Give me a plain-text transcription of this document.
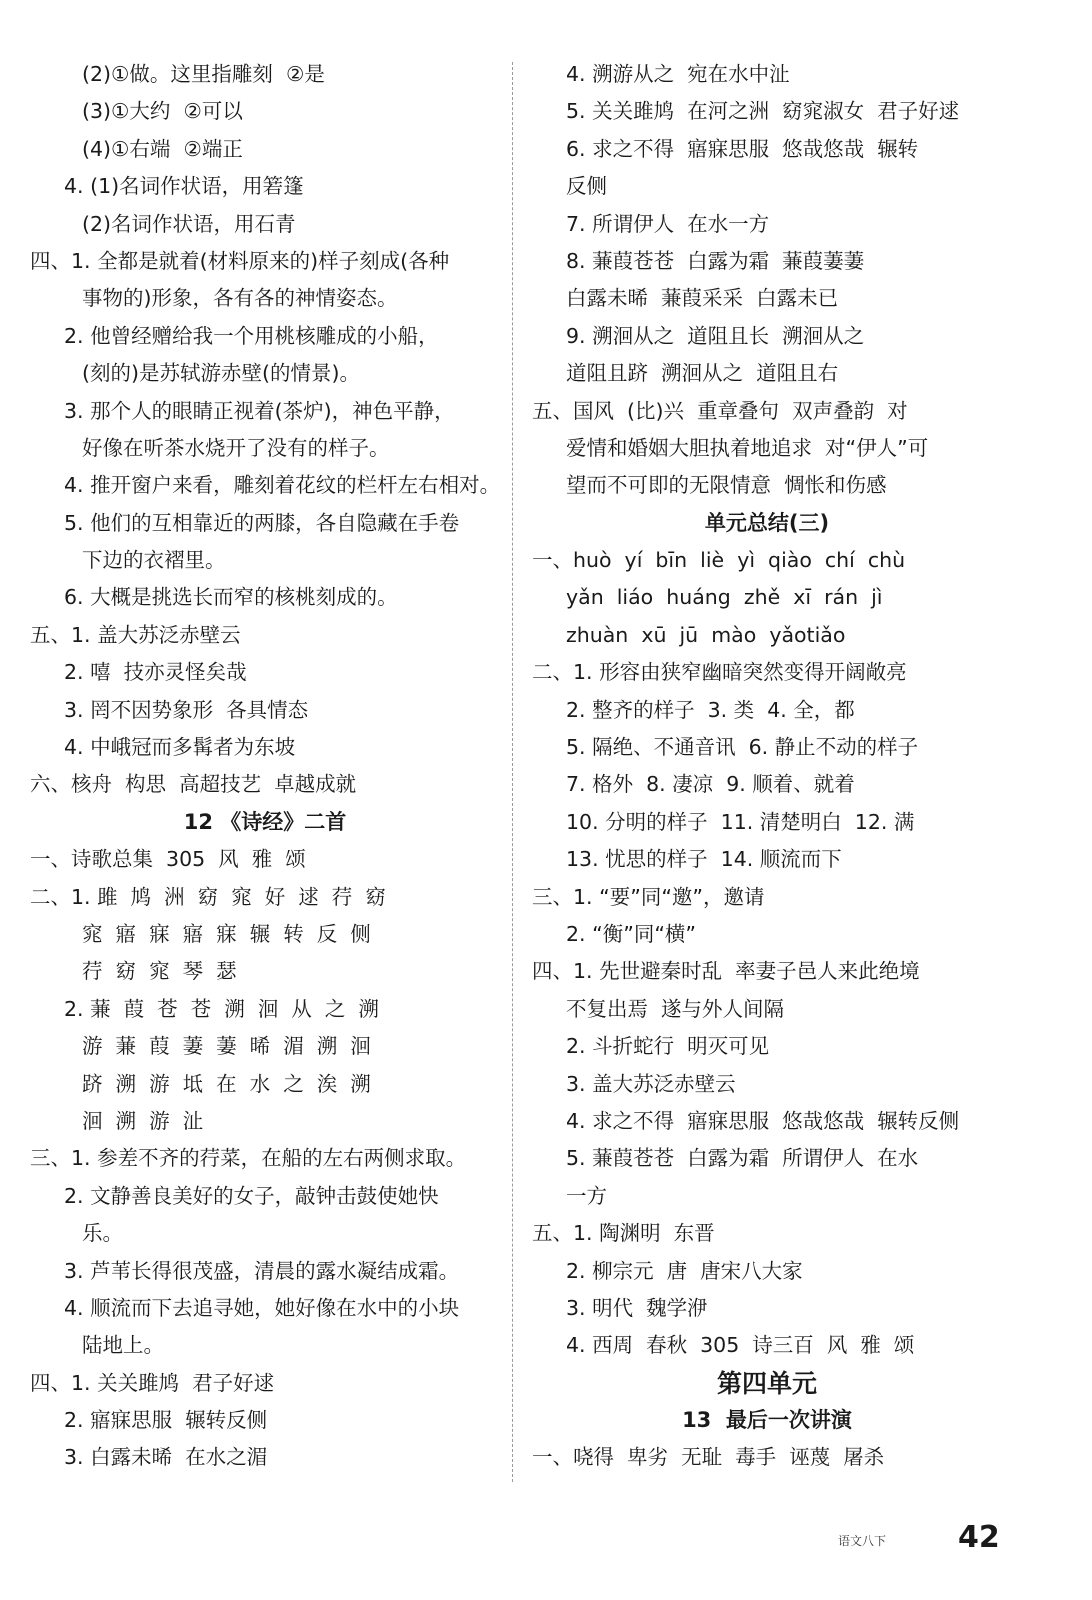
(2)①做。这里指雕刻  ②是
(3)①大约  ②可以
(4)①右端  ②端正
4. (1)名词作状语，用箬篷
(2)名词作状语，用石青
四、1. 全都是就着(材料原来的)样子刻成(各种
事物的)形象，各有各的神情姿态。
2. 他曾经赠给我一个用桃核雕成的小船，
(刻的)是苏轼游赤壁(的情景)。
3. 那个人的眼睛正视着(茶炉)，神色平静，
好像在听茶水烧开了没有的样子。
4. 推开窗户来看，雕刻着花纹的栏杆左右相对。
5. 他们的互相靠近的两膝，各自隐藏在手卷
下边的衣褶里。
6. 大概是挑选长而窄的核桃刻成的。
五、1. 盖大苏泛赤壁云
2. 嘻  技亦灵怪矣哉
3. 罔不因势象形  各具情态
4. 中峨冠而多髯者为东坡
六、核舟  构思  高超技艺  卓越成就
12 《诗经》二首
一、诗歌总集  305  风  雅  颂
二、1. 雎  鸠  洲  窈  窕  好  逑  荇  窈
窕  寤  寐  寤  寐  辗  转  反  侧
荇  窈  窕  琴  瑟
2. 蒹  葭  苍  苍  溯  洄  从  之  溯
游  蒹  葭  萋  萋  晞  湄  溯  洄
跻  溯  游  坻  在  水  之  涘  溯
洄  溯  游  沚
三、1. 参差不齐的荇菜，在船的左右两侧求取。
2. 文静善良美好的女子，敲钟击鼓使她快
乐。
3. 芦苇长得很茂盛，清晨的露水凝结成霜。
4. 顺流而下去追寻她，她好像在水中的小块
陆地上。
四、1. 关关雎鸠  君子好逑
2. 寤寐思服  辗转反侧
3. 白露未晞  在水之湄
4. 溯游从之  宛在水中沚
5. 关关雎鸠  在河之洲  窈窕淑女  君子好逑
6. 求之不得  寤寐思服  悠哉悠哉  辗转
反侧
7. 所谓伊人  在水一方
8. 蒹葭苍苍  白露为霜  蒹葭萋萋
白露未晞  蒹葭采采  白露未已
9. 溯洄从之  道阻且长  溯洄从之
道阻且跻  溯洄从之  道阻且右
五、国风  (比)兴  重章叠句  双声叠韵  对
爱情和婚姻大胆执着地追求  对“伊人”可
望而不可即的无限情意  惆怅和伤感
单元总结(三)
一、huò  yí  bīn  liè  yì  qiào  chí  chù
yǎn  liáo  huáng  zhě  xī  rán  jì
zhuàn  xū  jū  mào  yǎotiǎo
二、1. 形容由狭窄幽暗突然变得开阔敞亮
2. 整齐的样子  3. 类  4. 全，都
5. 隔绝、不通音讯  6. 静止不动的样子
7. 格外  8. 凄凉  9. 顺着、就着
10. 分明的样子  11. 清楚明白  12. 满
13. 忧思的样子  14. 顺流而下
三、1. “要”同“邀”，邀请
2. “衡”同“横”
四、1. 先世避秦时乱  率妻子邑人来此绝境
不复出焉  遂与外人间隔
2. 斗折蛇行  明灭可见
3. 盖大苏泛赤壁云
4. 求之不得  寤寐思服  悠哉悠哉  辗转反侧
5. 蒹葭苍苍  白露为霜  所谓伊人  在水
一方
五、1. 陶渊明  东晋
2. 柳宗元  唐  唐宋八大家
3. 明代  魏学洢
4. 西周  春秋  305  诗三百  风  雅  颂
第四单元
13  最后一次讲演
一、哓得  卑劣  无耻  毒手  诬蔑  屠杀
语文八下 42
